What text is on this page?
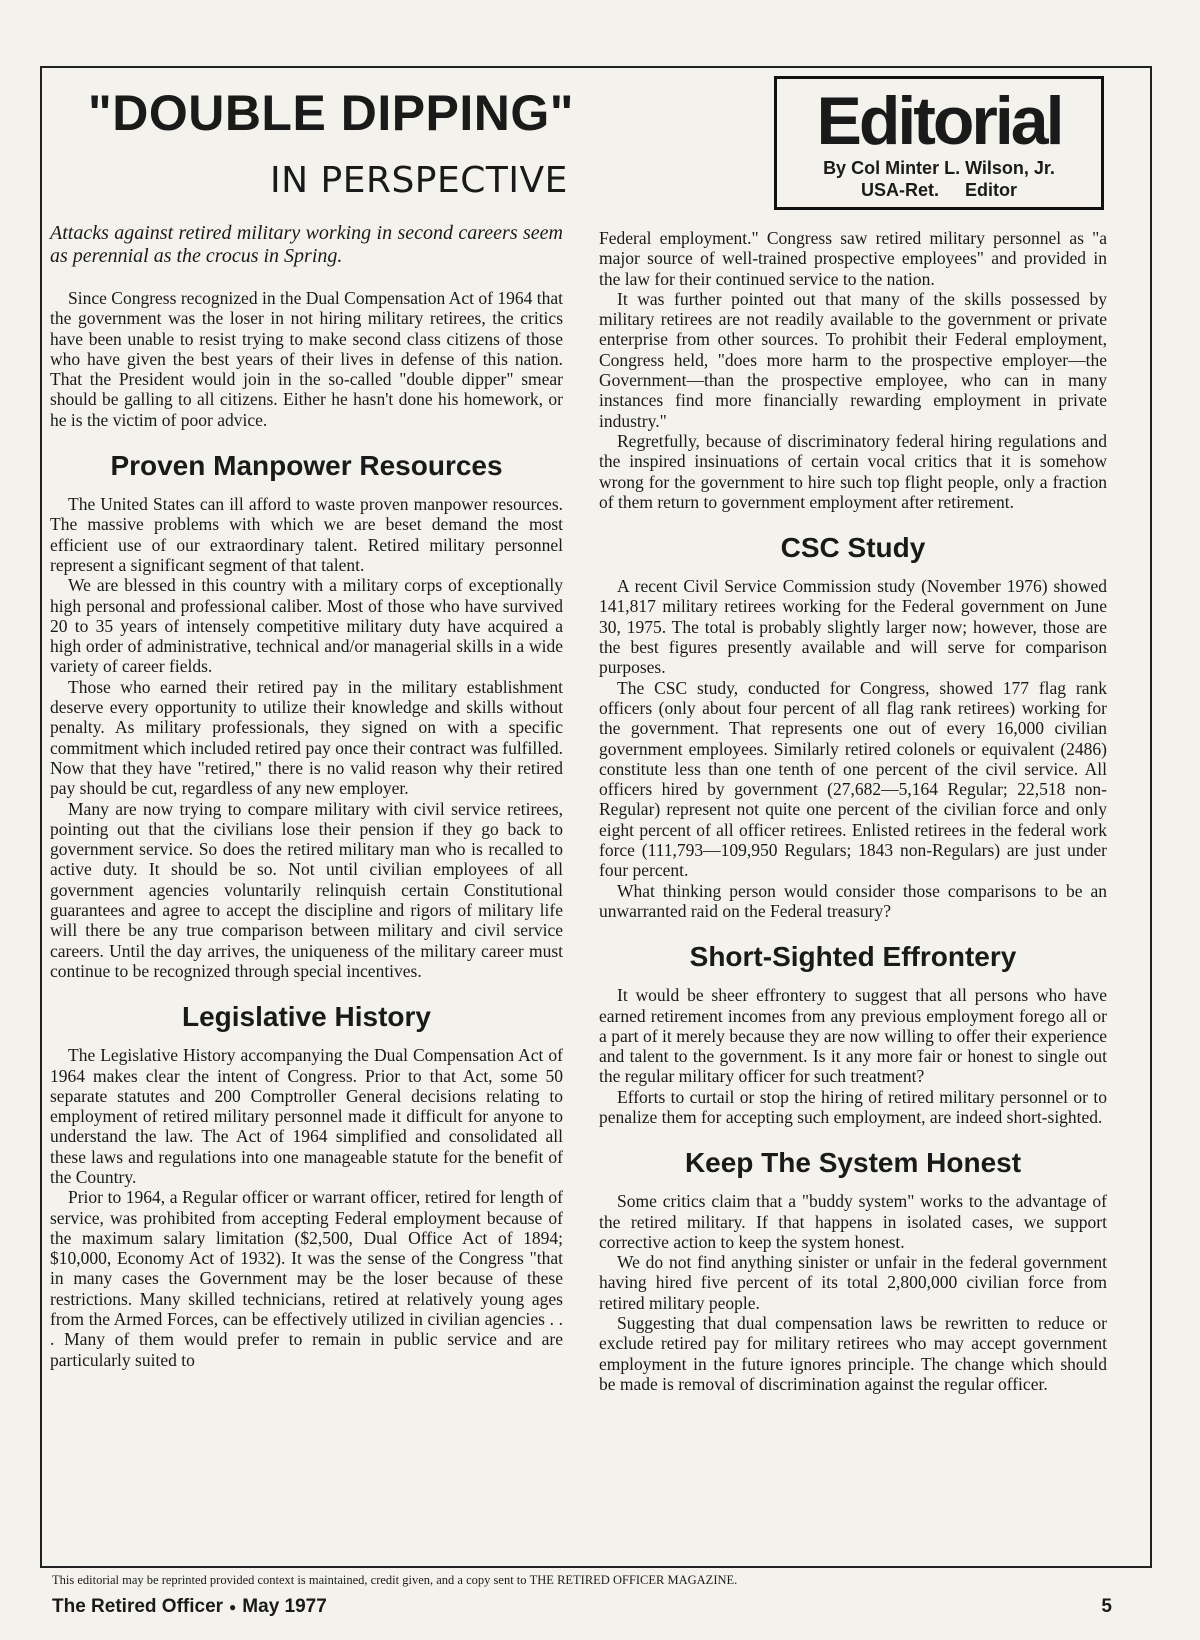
"DOUBLE DIPPING"
IN PERSPECTIVE
Editorial
By Col Minter L. Wilson, Jr.
USA-Ret. Editor

Attacks against retired military working in second careers seem as perennial as the crocus in Spring.

Since Congress recognized in the Dual Compensation Act of 1964 that the government was the loser in not hiring military retirees, the critics have been unable to resist trying to make second class citizens of those who have given the best years of their lives in defense of this nation. That the President would join in the so-called "double dipper" smear should be galling to all citizens. Either he hasn't done his homework, or he is the victim of poor advice.

Proven Manpower Resources

The United States can ill afford to waste proven manpower resources. The massive problems with which we are beset demand the most efficient use of our extraordinary talent. Retired military personnel represent a significant segment of that talent.

We are blessed in this country with a military corps of exceptionally high personal and professional caliber. Most of those who have survived 20 to 35 years of intensely competitive military duty have acquired a high order of administrative, technical and/or managerial skills in a wide variety of career fields.

Those who earned their retired pay in the military establishment deserve every opportunity to utilize their knowledge and skills without penalty. As military professionals, they signed on with a specific commitment which included retired pay once their contract was fulfilled. Now that they have "retired," there is no valid reason why their retired pay should be cut, regardless of any new employer.

Many are now trying to compare military with civil service retirees, pointing out that the civilians lose their pension if they go back to government service. So does the retired military man who is recalled to active duty. It should be so. Not until civilian employees of all government agencies voluntarily relinquish certain Constitutional guarantees and agree to accept the discipline and rigors of military life will there be any true comparison between military and civil service careers. Until the day arrives, the uniqueness of the military career must continue to be recognized through special incentives.

Legislative History

The Legislative History accompanying the Dual Compensation Act of 1964 makes clear the intent of Congress. Prior to that Act, some 50 separate statutes and 200 Comptroller General decisions relating to employment of retired military personnel made it difficult for anyone to understand the law. The Act of 1964 simplified and consolidated all these laws and regulations into one manageable statute for the benefit of the Country.

Prior to 1964, a Regular officer or warrant officer, retired for length of service, was prohibited from accepting Federal employment because of the maximum salary limitation ($2,500, Dual Office Act of 1894; $10,000, Economy Act of 1932). It was the sense of the Congress "that in many cases the Government may be the loser because of these restrictions. Many skilled technicians, retired at relatively young ages from the Armed Forces, can be effectively utilized in civilian agencies . . . Many of them would prefer to remain in public service and are particularly suited to

Federal employment." Congress saw retired military personnel as "a major source of well-trained prospective employees" and provided in the law for their continued service to the nation.

It was further pointed out that many of the skills possessed by military retirees are not readily available to the government or private enterprise from other sources. To prohibit their Federal employment, Congress held, "does more harm to the prospective employer—the Government—than the prospective employee, who can in many instances find more financially rewarding employment in private industry."

Regretfully, because of discriminatory federal hiring regulations and the inspired insinuations of certain vocal critics that it is somehow wrong for the government to hire such top flight people, only a fraction of them return to government employment after retirement.

CSC Study

A recent Civil Service Commission study (November 1976) showed 141,817 military retirees working for the Federal government on June 30, 1975. The total is probably slightly larger now; however, those are the best figures presently available and will serve for comparison purposes.

The CSC study, conducted for Congress, showed 177 flag rank officers (only about four percent of all flag rank retirees) working for the government. That represents one out of every 16,000 civilian government employees. Similarly retired colonels or equivalent (2486) constitute less than one tenth of one percent of the civil service. All officers hired by government (27,682—5,164 Regular; 22,518 non-Regular) represent not quite one percent of the civilian force and only eight percent of all officer retirees. Enlisted retirees in the federal work force (111,793—109,950 Regulars; 1843 non-Regulars) are just under four percent.

What thinking person would consider those comparisons to be an unwarranted raid on the Federal treasury?

Short-Sighted Effrontery

It would be sheer effrontery to suggest that all persons who have earned retirement incomes from any previous employment forego all or a part of it merely because they are now willing to offer their experience and talent to the government. Is it any more fair or honest to single out the regular military officer for such treatment?

Efforts to curtail or stop the hiring of retired military personnel or to penalize them for accepting such employment, are indeed short-sighted.

Keep The System Honest

Some critics claim that a "buddy system" works to the advantage of the retired military. If that happens in isolated cases, we support corrective action to keep the system honest.

We do not find anything sinister or unfair in the federal government having hired five percent of its total 2,800,000 civilian force from retired military people.

Suggesting that dual compensation laws be rewritten to reduce or exclude retired pay for military retirees who may accept government employment in the future ignores principle. The change which should be made is removal of discrimination against the regular officer.

This editorial may be reprinted provided context is maintained, credit given, and a copy sent to THE RETIRED OFFICER MAGAZINE.
The Retired Officer ● May 1977	5
